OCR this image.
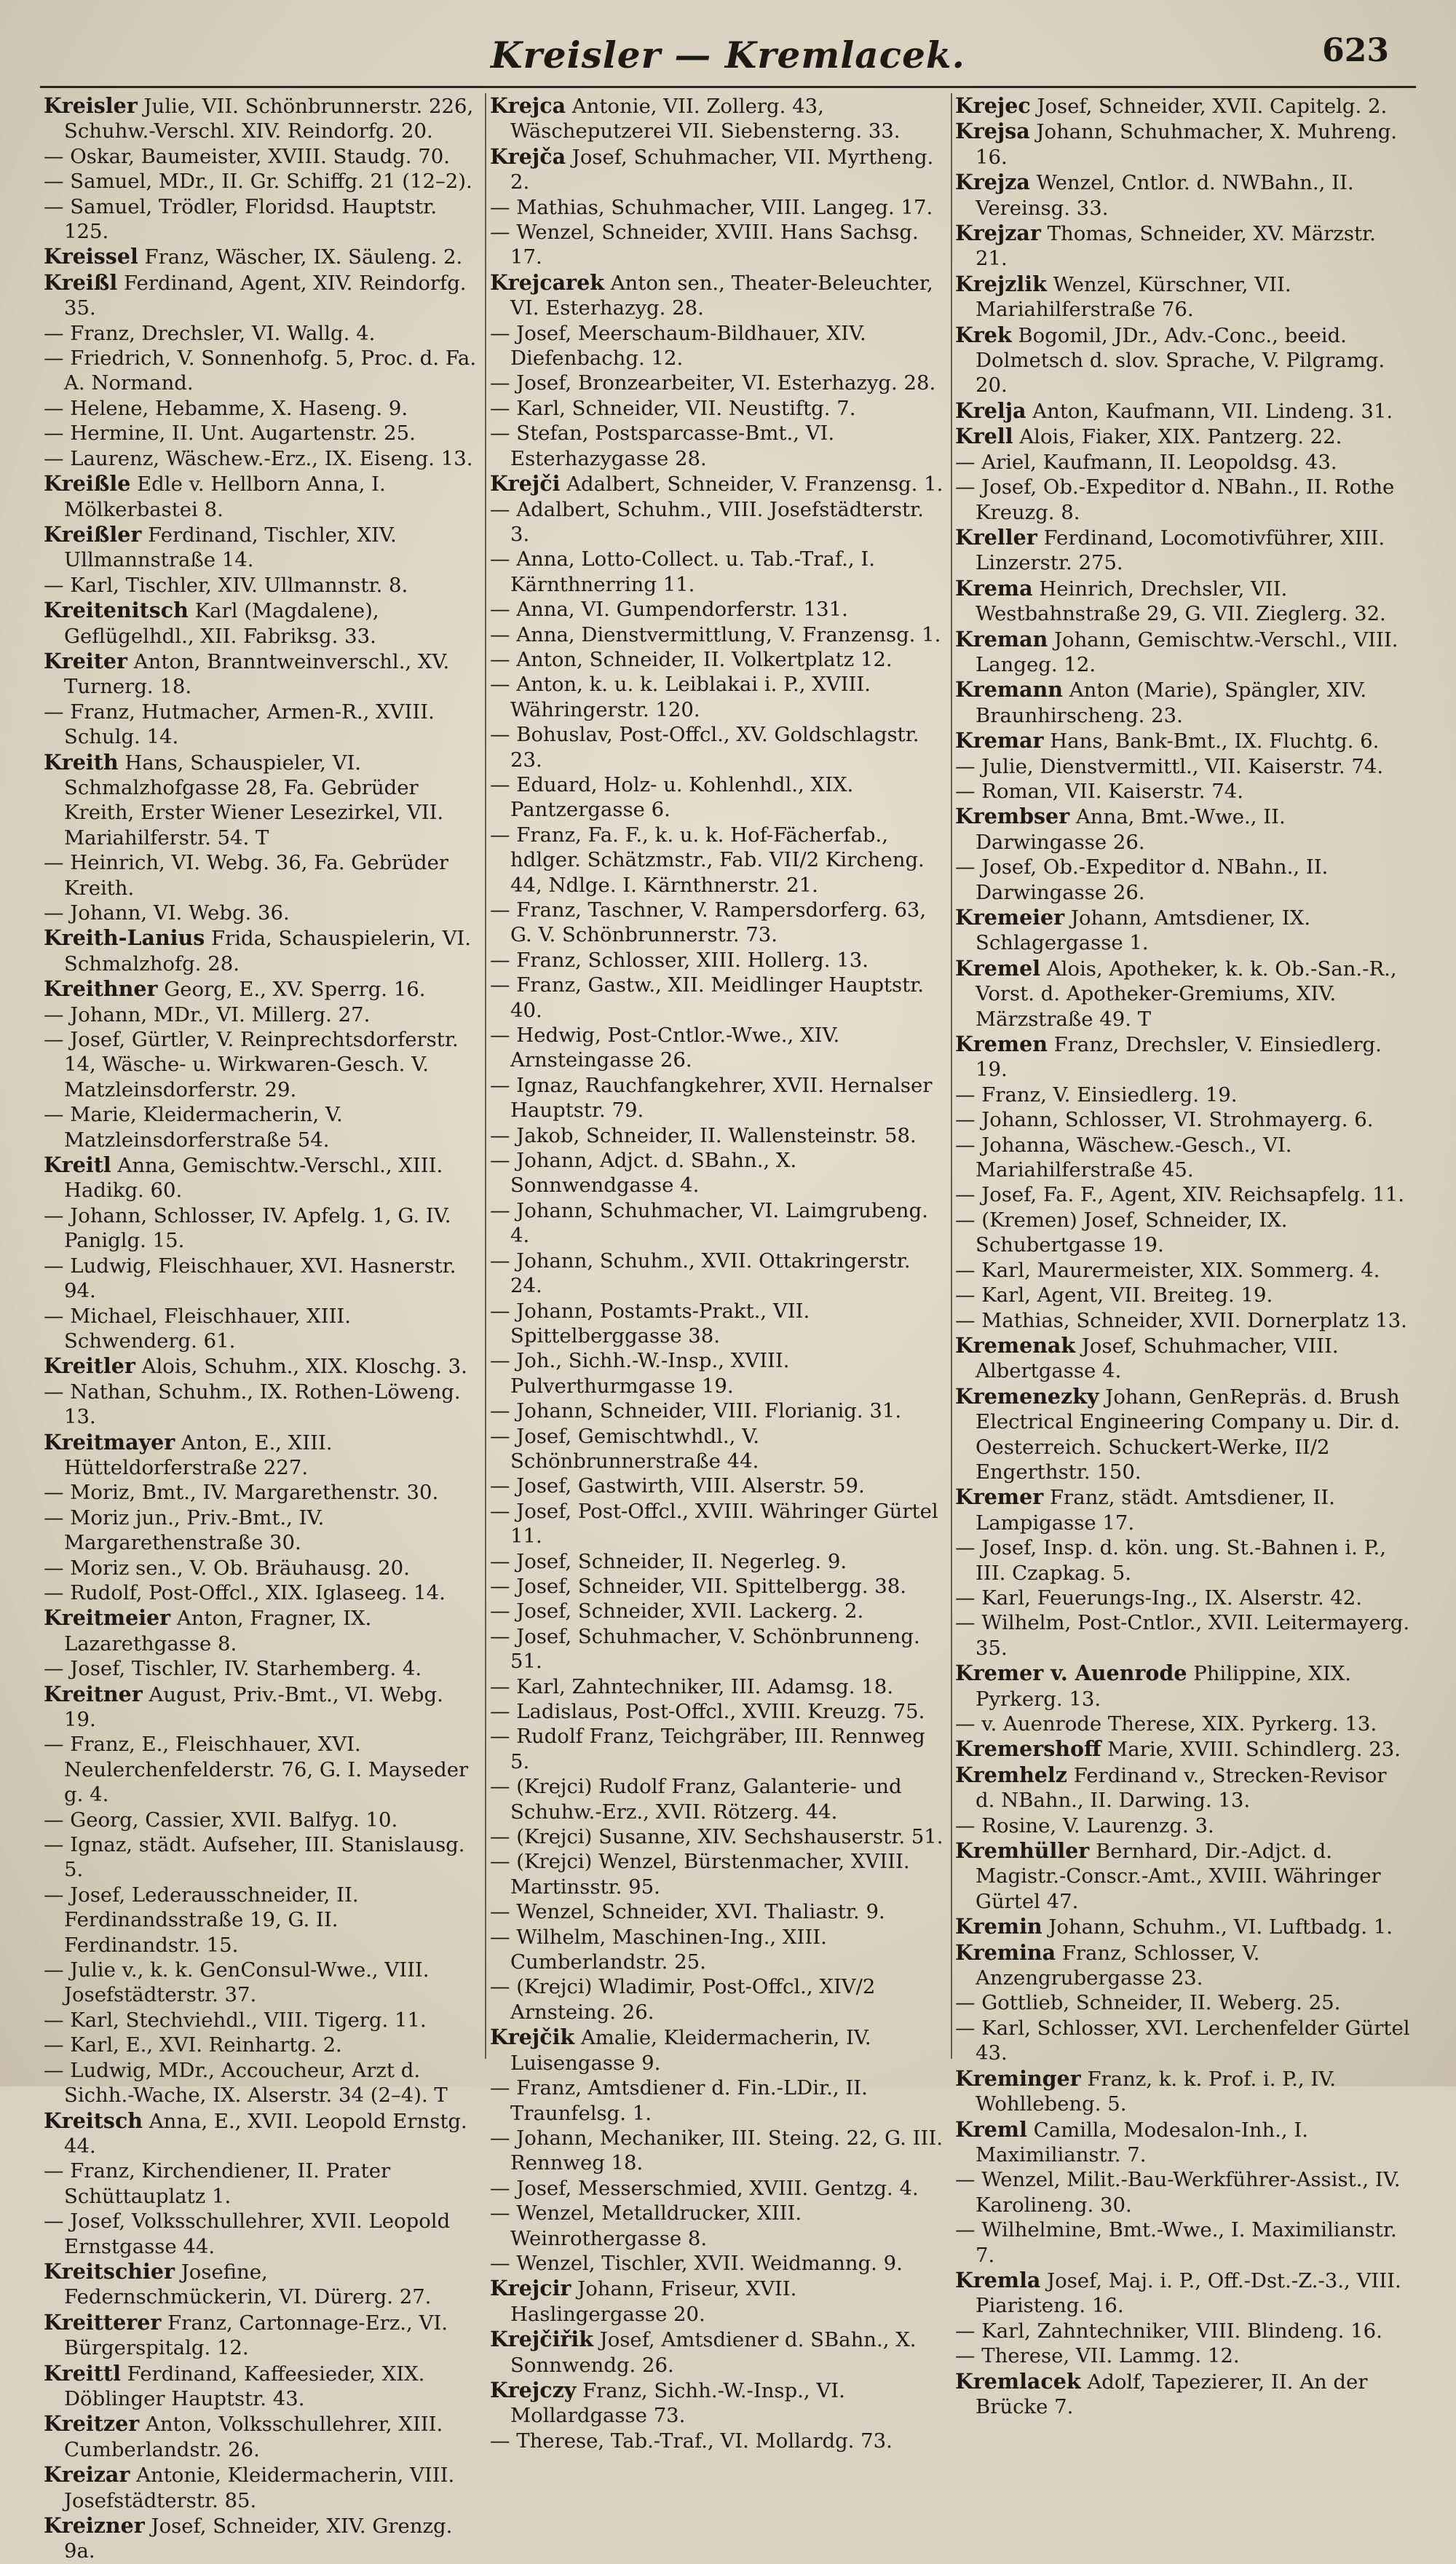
Kreisler — Kremlacek.	623

Kreisler Julie, VII. Schönbrunnerstr. 226, Schuhw.-Verschl. XIV. Reindorfg. 20.

— Oskar, Baumeister, XVIII. Staudg. 70.

— Samuel, MDr., II. Gr. Schiffg. 21 (12–2).

— Samuel, Trödler, Floridsd. Hauptstr. 125.

Kreissel Franz, Wäscher, IX. Säuleng. 2.

Kreißl Ferdinand, Agent, XIV. Reindorfg. 35.

— Franz, Drechsler, VI. Wallg. 4.

— Friedrich, V. Sonnenhofg. 5, Proc. d. Fa. A. Normand.

— Helene, Hebamme, X. Haseng. 9.

— Hermine, II. Unt. Augartenstr. 25.

— Laurenz, Wäschew.-Erz., IX. Eiseng. 13.

Kreißle Edle v. Hellborn Anna, I. Mölkerbastei 8.

Kreißler Ferdinand, Tischler, XIV. Ullmannstraße 14.

— Karl, Tischler, XIV. Ullmannstr. 8.

Kreitenitsch Karl (Magdalene), Geflügelhdl., XII. Fabriksg. 33.

Kreiter Anton, Branntweinverschl., XV. Turnerg. 18.

— Franz, Hutmacher, Armen-R., XVIII. Schulg. 14.

Kreith Hans, Schauspieler, VI. Schmalzhofgasse 28, Fa. Gebrüder Kreith, Erster Wiener Lesezirkel, VII. Mariahilferstr. 54. T

— Heinrich, VI. Webg. 36, Fa. Gebrüder Kreith.

— Johann, VI. Webg. 36.

Kreith-Lanius Frida, Schauspielerin, VI. Schmalzhofg. 28.

Kreithner Georg, E., XV. Sperrg. 16.

— Johann, MDr., VI. Millerg. 27.

— Josef, Gürtler, V. Reinprechtsdorferstr. 14, Wäsche- u. Wirkwaren-Gesch. V. Matzleinsdorferstr. 29.

— Marie, Kleidermacherin, V. Matzleinsdorferstraße 54.

Kreitl Anna, Gemischtw.-Verschl., XIII. Hadikg. 60.

— Johann, Schlosser, IV. Apfelg. 1, G. IV. Paniglg. 15.

— Ludwig, Fleischhauer, XVI. Hasnerstr. 94.

— Michael, Fleischhauer, XIII. Schwenderg. 61.

Kreitler Alois, Schuhm., XIX. Kloschg. 3.

— Nathan, Schuhm., IX. Rothen-Löweng. 13.

Kreitmayer Anton, E., XIII. Hütteldorferstraße 227.

— Moriz, Bmt., IV. Margarethenstr. 30.

— Moriz jun., Priv.-Bmt., IV. Margarethenstraße 30.

— Moriz sen., V. Ob. Bräuhausg. 20.

— Rudolf, Post-Offcl., XIX. Iglaseeg. 14.

Kreitmeier Anton, Fragner, IX. Lazarethgasse 8.

— Josef, Tischler, IV. Starhemberg. 4.

Kreitner August, Priv.-Bmt., VI. Webg. 19.

— Franz, E., Fleischhauer, XVI. Neulerchenfelderstr. 76, G. I. Mayseder g. 4.

— Georg, Cassier, XVII. Balfyg. 10.

— Ignaz, städt. Aufseher, III. Stanislausg. 5.

— Josef, Lederausschneider, II. Ferdinandsstraße 19, G. II. Ferdinandstr. 15.

— Julie v., k. k. GenConsul-Wwe., VIII. Josefstädterstr. 37.

— Karl, Stechviehdl., VIII. Tigerg. 11.

— Karl, E., XVI. Reinhartg. 2.

— Ludwig, MDr., Accoucheur, Arzt d. Sichh.-Wache, IX. Alserstr. 34 (2–4). T

Kreitsch Anna, E., XVII. Leopold Ernstg. 44.

— Franz, Kirchendiener, II. Prater Schüttauplatz 1.

— Josef, Volksschullehrer, XVII. Leopold Ernstgasse 44.

Kreitschier Josefine, Federnschmückerin, VI. Dürerg. 27.

Kreitterer Franz, Cartonnage-Erz., VI. Bürgerspitalg. 12.

Kreittl Ferdinand, Kaffeesieder, XIX. Döblinger Hauptstr. 43.

Kreitzer Anton, Volksschullehrer, XIII. Cumberlandstr. 26.

Kreizar Antonie, Kleidermacherin, VIII. Josefstädterstr. 85.

Kreizner Josef, Schneider, XIV. Grenzg. 9a.

Krejca Antonie, VII. Zollerg. 43, Wäscheputzerei VII. Siebensterng. 33.

Krejča Josef, Schuhmacher, VII. Myrtheng. 2.

— Mathias, Schuhmacher, VIII. Langeg. 17.

— Wenzel, Schneider, XVIII. Hans Sachsg. 17.

Krejcarek Anton sen., Theater-Beleuchter, VI. Esterhazyg. 28.

— Josef, Meerschaum-Bildhauer, XIV. Diefenbachg. 12.

— Josef, Bronzearbeiter, VI. Esterhazyg. 28.

— Karl, Schneider, VII. Neustiftg. 7.

— Stefan, Postsparcasse-Bmt., VI. Esterhazygasse 28.

Krejči Adalbert, Schneider, V. Franzensg. 1.

— Adalbert, Schuhm., VIII. Josefstädterstr. 3.

— Anna, Lotto-Collect. u. Tab.-Traf., I. Kärnthnerring 11.

— Anna, VI. Gumpendorferstr. 131.

— Anna, Dienstvermittlung, V. Franzensg. 1.

— Anton, Schneider, II. Volkertplatz 12.

— Anton, k. u. k. Leiblakai i. P., XVIII. Währingerstr. 120.

— Bohuslav, Post-Offcl., XV. Goldschlagstr. 23.

— Eduard, Holz- u. Kohlenhdl., XIX. Pantzergasse 6.

— Franz, Fa. F., k. u. k. Hof-Fächerfab., hdlger. Schätzmstr., Fab. VII/2 Kircheng. 44, Ndlge. I. Kärnthnerstr. 21.

— Franz, Taschner, V. Rampersdorferg. 63, G. V. Schönbrunnerstr. 73.

— Franz, Schlosser, XIII. Hollerg. 13.

— Franz, Gastw., XII. Meidlinger Hauptstr. 40.

— Hedwig, Post-Cntlor.-Wwe., XIV. Arnsteingasse 26.

— Ignaz, Rauchfangkehrer, XVII. Hernalser Hauptstr. 79.

— Jakob, Schneider, II. Wallensteinstr. 58.

— Johann, Adjct. d. SBahn., X. Sonnwendgasse 4.

— Johann, Schuhmacher, VI. Laimgrubeng. 4.

— Johann, Schuhm., XVII. Ottakringerstr. 24.

— Johann, Postamts-Prakt., VII. Spittelberggasse 38.

— Joh., Sichh.-W.-Insp., XVIII. Pulverthurmgasse 19.

— Johann, Schneider, VIII. Florianig. 31.

— Josef, Gemischtwhdl., V. Schönbrunnerstraße 44.

— Josef, Gastwirth, VIII. Alserstr. 59.

— Josef, Post-Offcl., XVIII. Währinger Gürtel 11.

— Josef, Schneider, II. Negerleg. 9.

— Josef, Schneider, VII. Spittelbergg. 38.

— Josef, Schneider, XVII. Lackerg. 2.

— Josef, Schuhmacher, V. Schönbrunneng. 51.

— Karl, Zahntechniker, III. Adamsg. 18.

— Ladislaus, Post-Offcl., XVIII. Kreuzg. 75.

— Rudolf Franz, Teichgräber, III. Rennweg 5.

— (Krejci) Rudolf Franz, Galanterie- und Schuhw.-Erz., XVII. Rötzerg. 44.

— (Krejci) Susanne, XIV. Sechshauserstr. 51.

— (Krejci) Wenzel, Bürstenmacher, XVIII. Martinsstr. 95.

— Wenzel, Schneider, XVI. Thaliastr. 9.

— Wilhelm, Maschinen-Ing., XIII. Cumberlandstr. 25.

— (Krejci) Wladimir, Post-Offcl., XIV/2 Arnsteing. 26.

Krejčik Amalie, Kleidermacherin, IV. Luisengasse 9.

— Franz, Amtsdiener d. Fin.-LDir., II. Traunfelsg. 1.

— Johann, Mechaniker, III. Steing. 22, G. III. Rennweg 18.

— Josef, Messerschmied, XVIII. Gentzg. 4.

— Wenzel, Metalldrucker, XIII. Weinrothergasse 8.

— Wenzel, Tischler, XVII. Weidmanng. 9.

Krejcir Johann, Friseur, XVII. Haslingergasse 20.

Krejčiřik Josef, Amtsdiener d. SBahn., X. Sonnwendg. 26.

Krejczy Franz, Sichh.-W.-Insp., VI. Mollardgasse 73.

— Therese, Tab.-Traf., VI. Mollardg. 73.

Krejec Josef, Schneider, XVII. Capitelg. 2.

Krejsa Johann, Schuhmacher, X. Muhreng. 16.

Krejza Wenzel, Cntlor. d. NWBahn., II. Vereinsg. 33.

Krejzar Thomas, Schneider, XV. Märzstr. 21.

Krejzlik Wenzel, Kürschner, VII. Mariahilferstraße 76.

Krek Bogomil, JDr., Adv.-Conc., beeid. Dolmetsch d. slov. Sprache, V. Pilgramg. 20.

Krelja Anton, Kaufmann, VII. Lindeng. 31.

Krell Alois, Fiaker, XIX. Pantzerg. 22.

— Ariel, Kaufmann, II. Leopoldsg. 43.

— Josef, Ob.-Expeditor d. NBahn., II. Rothe Kreuzg. 8.

Kreller Ferdinand, Locomotivführer, XIII. Linzerstr. 275.

Krema Heinrich, Drechsler, VII. Westbahnstraße 29, G. VII. Zieglerg. 32.

Kreman Johann, Gemischtw.-Verschl., VIII. Langeg. 12.

Kremann Anton (Marie), Spängler, XIV. Braunhirscheng. 23.

Kremar Hans, Bank-Bmt., IX. Fluchtg. 6.

— Julie, Dienstvermittl., VII. Kaiserstr. 74.

— Roman, VII. Kaiserstr. 74.

Krembser Anna, Bmt.-Wwe., II. Darwingasse 26.

— Josef, Ob.-Expeditor d. NBahn., II. Darwingasse 26.

Kremeier Johann, Amtsdiener, IX. Schlagergasse 1.

Kremel Alois, Apotheker, k. k. Ob.-San.-R., Vorst. d. Apotheker-Gremiums, XIV. Märzstraße 49. T

Kremen Franz, Drechsler, V. Einsiedlerg. 19.

— Franz, V. Einsiedlerg. 19.

— Johann, Schlosser, VI. Strohmayerg. 6.

— Johanna, Wäschew.-Gesch., VI. Mariahilferstraße 45.

— Josef, Fa. F., Agent, XIV. Reichsapfelg. 11.

— (Kremen) Josef, Schneider, IX. Schubertgasse 19.

— Karl, Maurermeister, XIX. Sommerg. 4.

— Karl, Agent, VII. Breiteg. 19.

— Mathias, Schneider, XVII. Dornerplatz 13.

Kremenak Josef, Schuhmacher, VIII. Albertgasse 4.

Kremenezky Johann, GenRepräs. d. Brush Electrical Engineering Company u. Dir. d. Oesterreich. Schuckert-Werke, II/2 Engerthstr. 150.

Kremer Franz, städt. Amtsdiener, II. Lampigasse 17.

— Josef, Insp. d. kön. ung. St.-Bahnen i. P., III. Czapkag. 5.

— Karl, Feuerungs-Ing., IX. Alserstr. 42.

— Wilhelm, Post-Cntlor., XVII. Leitermayerg. 35.

Kremer v. Auenrode Philippine, XIX. Pyrkerg. 13.

— v. Auenrode Therese, XIX. Pyrkerg. 13.

Kremershoff Marie, XVIII. Schindlerg. 23.

Kremhelz Ferdinand v., Strecken-Revisor d. NBahn., II. Darwing. 13.

— Rosine, V. Laurenzg. 3.

Kremhüller Bernhard, Dir.-Adjct. d. Magistr.-Conscr.-Amt., XVIII. Währinger Gürtel 47.

Kremin Johann, Schuhm., VI. Luftbadg. 1.

Kremina Franz, Schlosser, V. Anzengrubergasse 23.

— Gottlieb, Schneider, II. Weberg. 25.

— Karl, Schlosser, XVI. Lerchenfelder Gürtel 43.

Kreminger Franz, k. k. Prof. i. P., IV. Wohllebeng. 5.

Kreml Camilla, Modesalon-Inh., I. Maximilianstr. 7.

— Wenzel, Milit.-Bau-Werkführer-Assist., IV. Karolineng. 30.

— Wilhelmine, Bmt.-Wwe., I. Maximilianstr. 7.

Kremla Josef, Maj. i. P., Off.-Dst.-Z.-3., VIII. Piaristeng. 16.

— Karl, Zahntechniker, VIII. Blindeng. 16.

— Therese, VII. Lammg. 12.

Kremlacek Adolf, Tapezierer, II. An der Brücke 7.
